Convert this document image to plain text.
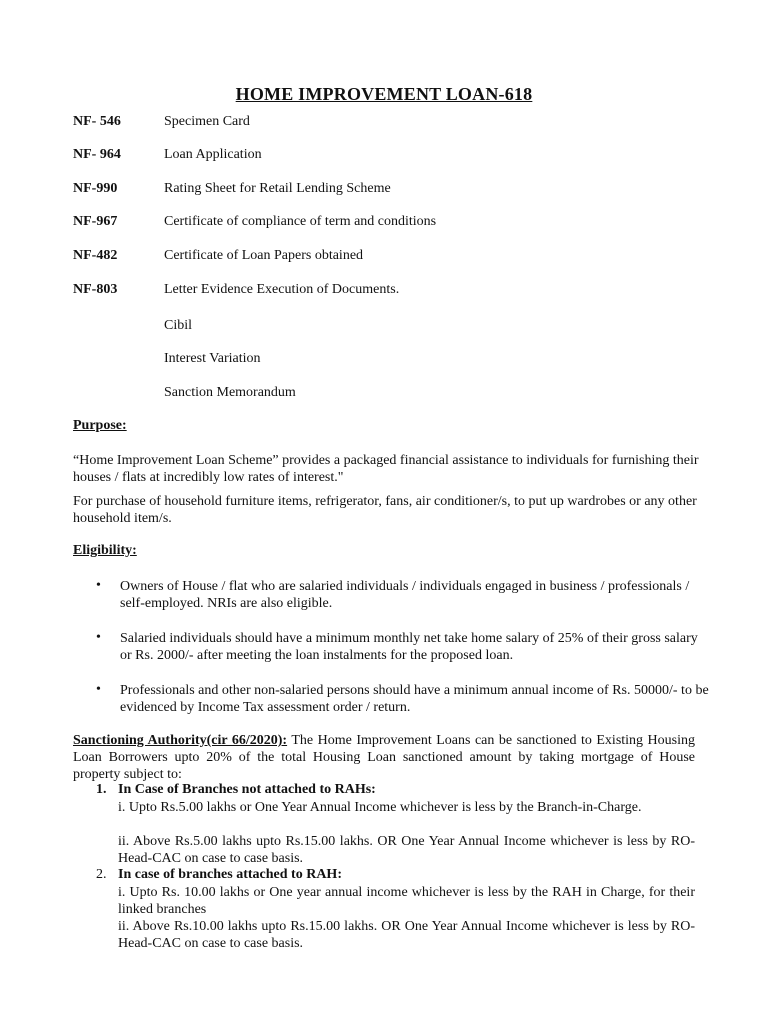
HOME IMPROVEMENT LOAN-618
NF- 546	Specimen Card
NF- 964	Loan Application
NF-990	Rating Sheet for Retail Lending Scheme
NF-967	Certificate of compliance of term and conditions
NF-482	Certificate of Loan Papers obtained
NF-803	Letter Evidence Execution of Documents.
Cibil
Interest Variation
Sanction Memorandum
Purpose:
“Home Improvement Loan Scheme” provides a packaged financial assistance to individuals for furnishing their houses / flats at incredibly low rates of interest."
For purchase of household furniture items, refrigerator, fans, air conditioner/s, to put up wardrobes or any other household item/s.
Eligibility:
• Owners of House / flat who are salaried individuals / individuals engaged in business / professionals / self-employed. NRIs are also eligible.
• Salaried individuals should have a minimum monthly net take home salary of 25% of their gross salary or Rs. 2000/- after meeting the loan instalments for the proposed loan.
• Professionals and other non-salaried persons should have a minimum annual income of Rs. 50000/- to be evidenced by Income Tax assessment order / return.
Sanctioning Authority(cir 66/2020): The Home Improvement Loans can be sanctioned to Existing Housing Loan Borrowers upto 20% of the total Housing Loan sanctioned amount by taking mortgage of House property subject to:
1. In Case of Branches not attached to RAHs:
i. Upto Rs.5.00 lakhs or One Year Annual Income whichever is less by the Branch-in-Charge.
ii. Above Rs.5.00 lakhs upto Rs.15.00 lakhs. OR One Year Annual Income whichever is less by RO-Head-CAC on case to case basis.
2. In case of branches attached to RAH:
i. Upto Rs. 10.00 lakhs or One year annual income whichever is less by the RAH in Charge, for their linked branches
ii. Above Rs.10.00 lakhs upto Rs.15.00 lakhs. OR One Year Annual Income whichever is less by RO-Head-CAC on case to case basis.
